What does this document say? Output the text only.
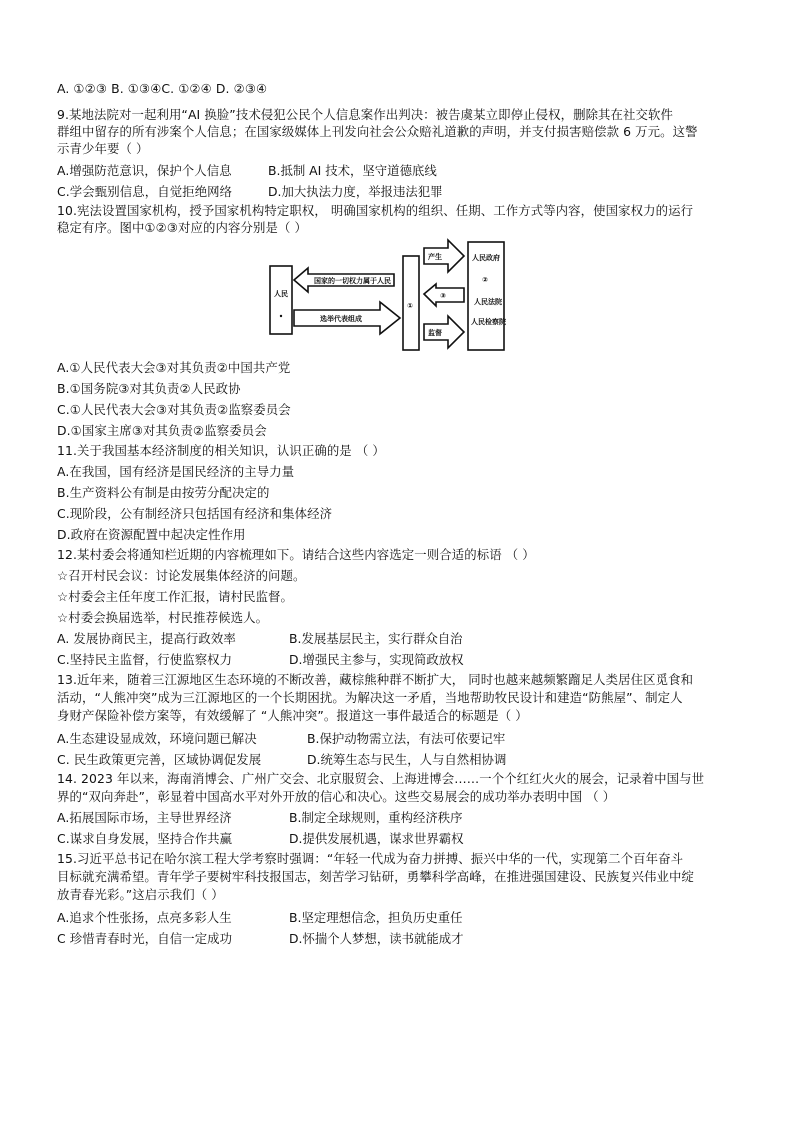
A. ①②③ B. ①③④C. ①②④ D. ②③④
9.某地法院对一起利用“AI 换脸”技术侵犯公民个人信息案作出判决：被告虞某立即停止侵权，删除其在社交软件
群组中留存的所有涉案个人信息；在国家级媒体上刊发向社会公众赔礼道歉的声明，并支付损害赔偿款 6 万元。这警
示青少年要（ ）
A.增强防范意识，保护个人信息	B.抵制 AI 技术，坚守道德底线
C.学会甄别信息，自觉拒绝网络	D.加大执法力度，举报违法犯罪
10.宪法设置国家机构，授予国家机构特定职权， 明确国家机构的组织、任期、工作方式等内容，使国家权力的运行
稳定有序。图中①②③对应的内容分别是（ ）
人民
国家的一切权力属于人民
选举代表组成
①
产生
③
监督
人民政府
②
人民法院
人民检察院
A.①人民代表大会③对其负责②中国共产党
B.①国务院③对其负责②人民政协
C.①人民代表大会③对其负责②监察委员会
D.①国家主席③对其负责②监察委员会
11.关于我国基本经济制度的相关知识，认识正确的是 （ ）
A.在我国，国有经济是国民经济的主导力量
B.生产资料公有制是由按劳分配决定的
C.现阶段，公有制经济只包括国有经济和集体经济
D.政府在资源配置中起决定性作用
12.某村委会将通知栏近期的内容梳理如下。请结合这些内容选定一则合适的标语 （ ）
☆召开村民会议：讨论发展集体经济的问题。
☆村委会主任年度工作汇报，请村民监督。
☆村委会换届选举，村民推荐候选人。
A. 发展协商民主，提高行政效率	B.发展基层民主，实行群众自治
C.坚持民主监督，行使监察权力	D.增强民主参与，实现简政放权
13.近年来，随着三江源地区生态环境的不断改善，藏棕熊种群不断扩大， 同时也越来越频繁蹓足人类居住区觅食和
活动，“人熊冲突”成为三江源地区的一个长期困扰。为解决这一矛盾，当地帮助牧民设计和建造“防熊屋”、制定人
身财产保险补偿方案等，有效缓解了 “人熊冲突”。报道这一事件最适合的标题是（ ）
A.生态建设显成效，环境问题已解决	B.保护动物需立法，有法可依要记牢
C. 民生政策更完善，区域协调促发展	D.统筹生态与民生，人与自然相协调
14. 2023 年以来，海南消博会、广州广交会、北京服贸会、上海进博会……一个个红红火火的展会，记录着中国与世
界的“双向奔赴”，彰显着中国高水平对外开放的信心和决心。这些交易展会的成功举办表明中国 （ ）
A.拓展国际市场，主导世界经济	B.制定全球规则，重构经济秩序
C.谋求自身发展，坚持合作共赢	D.提供发展机遇，谋求世界霸权
15.习近平总书记在哈尔滨工程大学考察时强调：“年轻一代成为奋力拼搏、振兴中华的一代，实现第二个百年奋斗
目标就充满希望。青年学子要树牢科技报国志，刻苦学习钻研，勇攀科学高峰，在推进强国建设、民族复兴伟业中绽
放青春光彩。”这启示我们（ ）
A.追求个性张扬，点亮多彩人生	B.坚定理想信念，担负历史重任
C 珍惜青春时光，自信一定成功	D.怀揣个人梦想，读书就能成才
